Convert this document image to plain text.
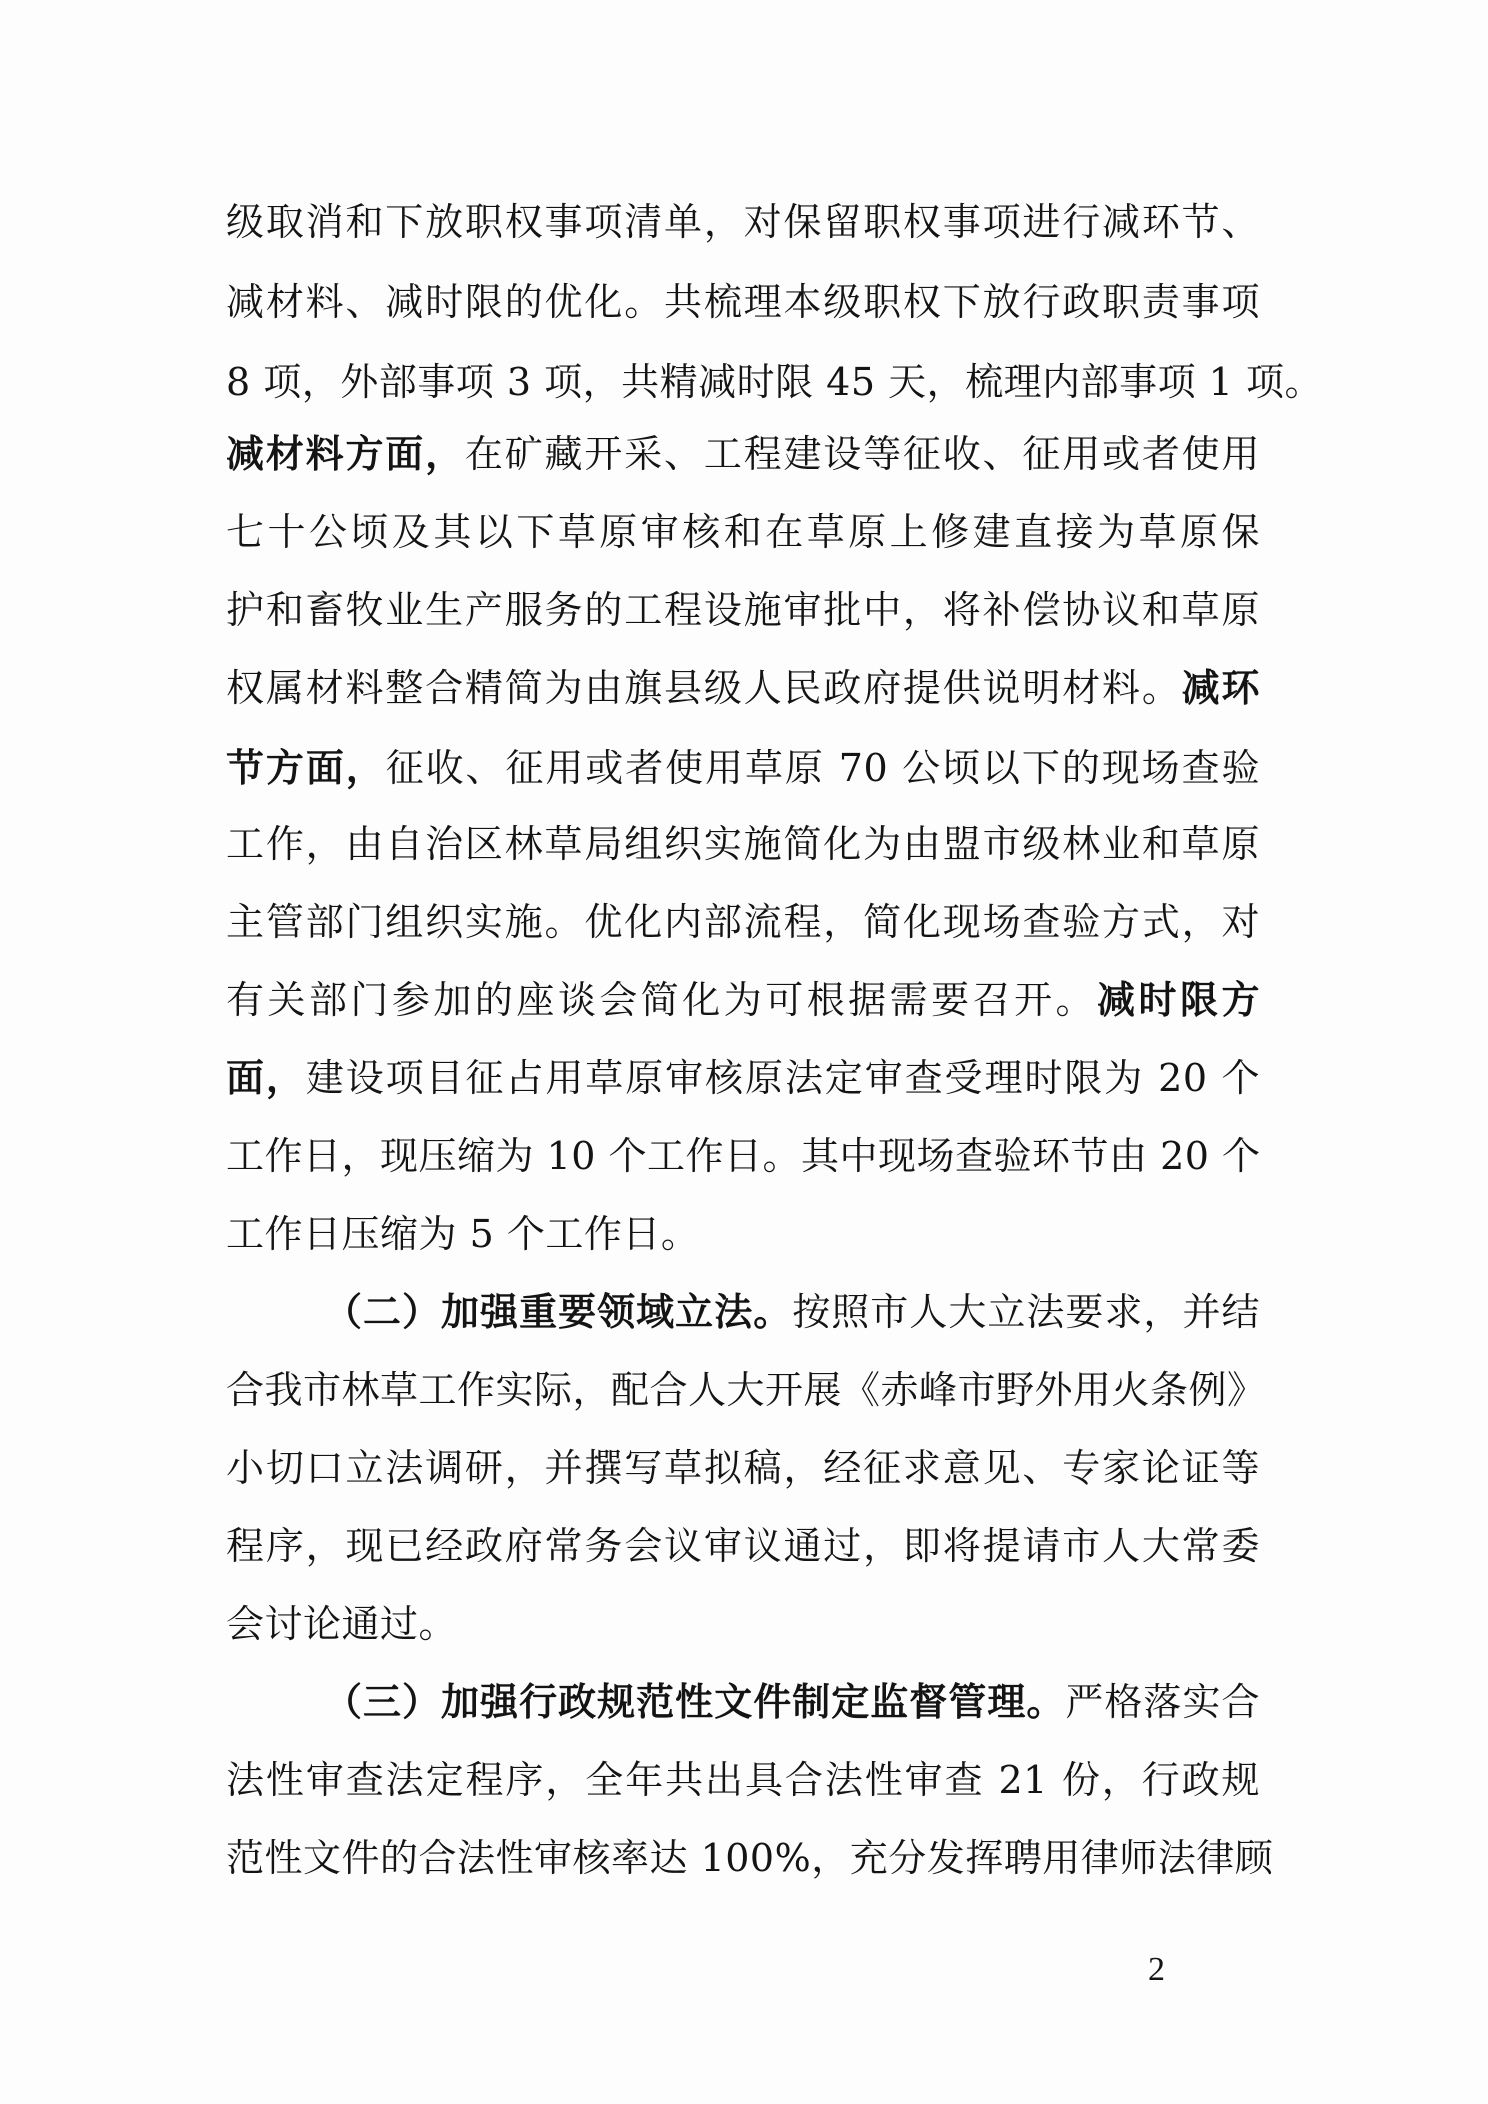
级取消和下放职权事项清单，对保留职权事项进行减环节、
减材料、减时限的优化。共梳理本级职权下放行政职责事项
8 项，外部事项 3 项，共精减时限 45 天，梳理内部事项 1 项。
减材料方面，在矿藏开采、工程建设等征收、征用或者使用
七十公顷及其以下草原审核和在草原上修建直接为草原保
护和畜牧业生产服务的工程设施审批中，将补偿协议和草原
权属材料整合精简为由旗县级人民政府提供说明材料。减环
节方面，征收、征用或者使用草原 70 公顷以下的现场查验
工作，由自治区林草局组织实施简化为由盟市级林业和草原
主管部门组织实施。优化内部流程，简化现场查验方式，对
有关部门参加的座谈会简化为可根据需要召开。减时限方
面，建设项目征占用草原审核原法定审查受理时限为 20 个
工作日，现压缩为 10 个工作日。其中现场查验环节由 20 个
工作日压缩为 5 个工作日。
（二）加强重要领域立法。按照市人大立法要求，并结
合我市林草工作实际，配合人大开展《赤峰市野外用火条例》
小切口立法调研，并撰写草拟稿，经征求意见、专家论证等
程序，现已经政府常务会议审议通过，即将提请市人大常委
会讨论通过。
（三）加强行政规范性文件制定监督管理。严格落实合
法性审查法定程序，全年共出具合法性审查 21 份，行政规
范性文件的合法性审核率达 100%，充分发挥聘用律师法律顾
2
